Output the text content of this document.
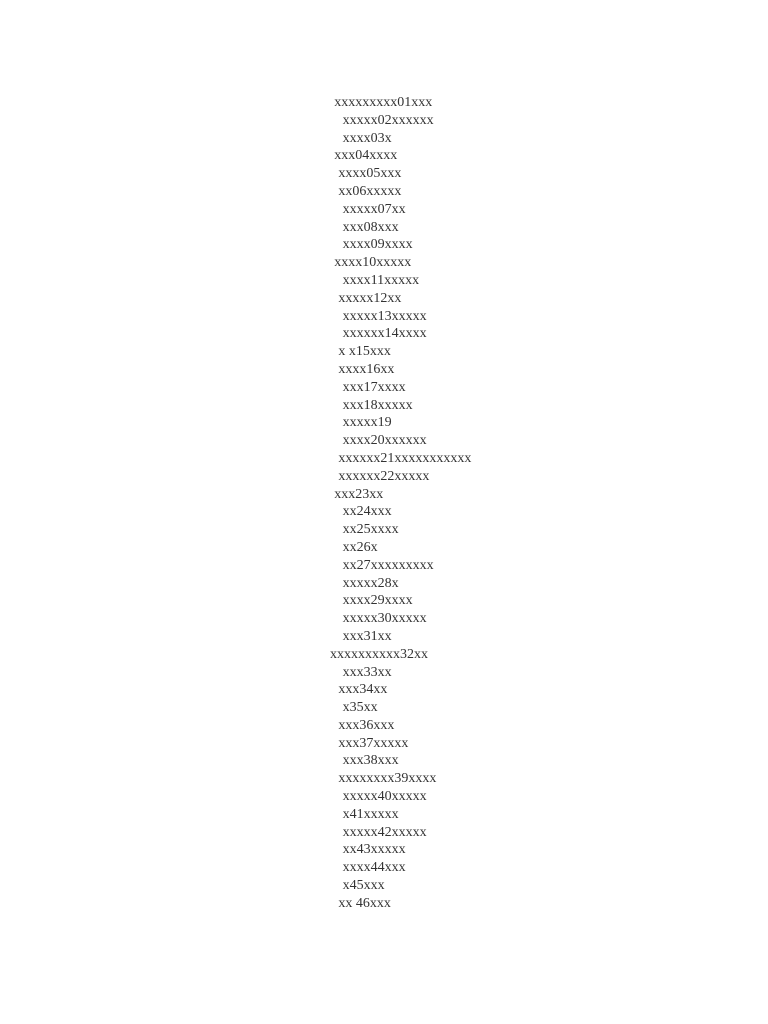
xxxxxxxxx01xxx
xxxxx02xxxxxx
xxxx03x
xxx04xxxx
xxxx05xxx
xx06xxxxx
xxxxx07xx
xxx08xxx
xxxx09xxxx
xxxx10xxxxx
xxxx11xxxxx
xxxxx12xx
xxxxx13xxxxx
xxxxxx14xxxx
x x15xxx
xxxx16xx
xxx17xxxx
xxx18xxxxx
xxxxx19
xxxx20xxxxxx
xxxxxx21xxxxxxxxxxx
xxxxxx22xxxxx
xxx23xx
xx24xxx
xx25xxxx
xx26x
xx27xxxxxxxxx
xxxxx28x
xxxx29xxxx
xxxxx30xxxxx
xxx31xx
xxxxxxxxxx32xx
xxx33xx
xxx34xx
x35xx
xxx36xxx
xxx37xxxxx
xxx38xxx
xxxxxxxx39xxxx
xxxxx40xxxxx
x41xxxxx
xxxxx42xxxxx
xx43xxxxx
xxxx44xxx
x45xxx
xx 46xxx
